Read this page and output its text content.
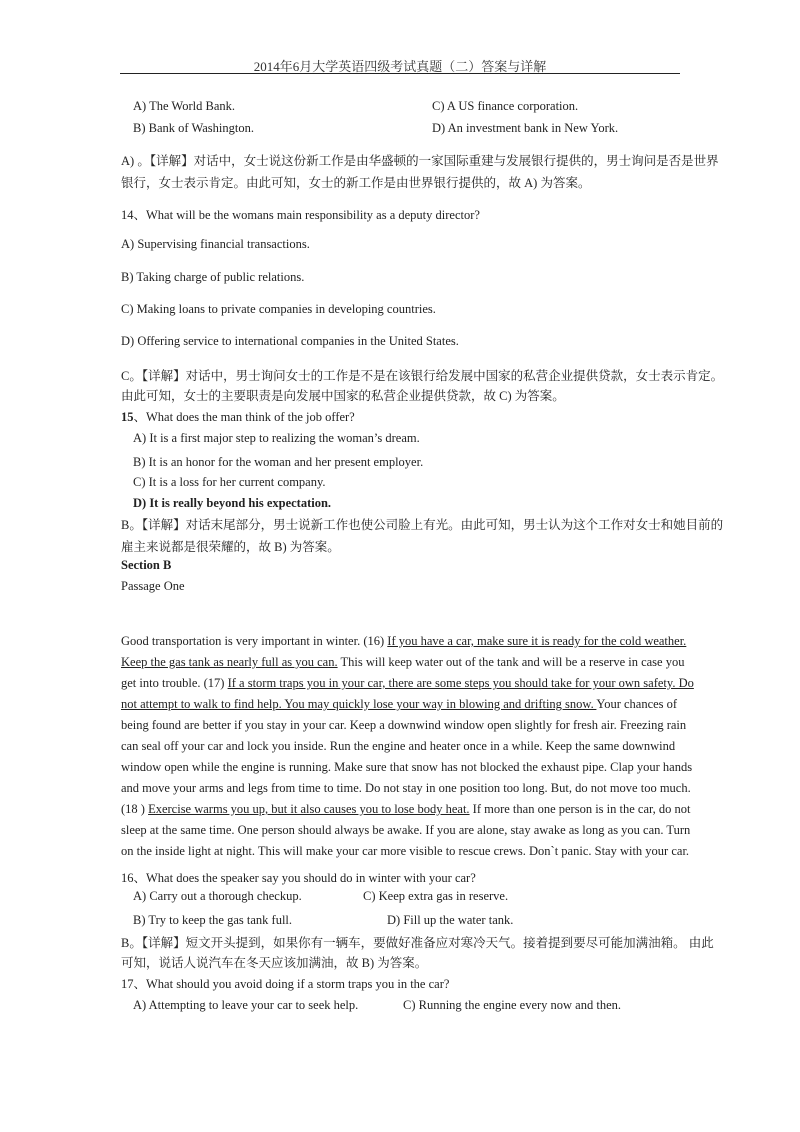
2014年6月大学英语四级考试真题（二）答案与详解
A) The World Bank.	C) A US finance corporation.
B) Bank of Washington.	D) An investment bank in New York.
A) 。【详解】对话中，女士说这份新工作是由华盛顿的一家国际重建与发展银行提供的，男士询问是否是世界
银行，女士表示肯定。由此可知，女士的新工作是由世界银行提供的，故 A) 为答案。
14、What will be the womans main responsibility as a deputy director?
A) Supervising financial transactions.
B) Taking charge of public relations.
C) Making loans to private companies in developing countries.
D) Offering service to international companies in the United States.
C。【详解】对话中，男士询问女士的工作是不是在该银行给发展中国家的私营企业提供贷款，女士表示肯定。
由此可知，女士的主要职责是向发展中国家的私营企业提供贷款，故 C) 为答案。
15、What does the man think of the job offer?
A) It is a first major step to realizing the woman’s dream.
B) It is an honor for the woman and her present employer.
C) It is a loss for her current company.
D) It is really beyond his expectation.
B。【详解】对话末尾部分，男士说新工作也使公司脸上有光。由此可知，男士认为这个工作对女士和她目前的
雇主来说都是很荣耀的，故 B) 为答案。
Section B
Passage One
Good transportation is very important in winter. (16) If you have a car, make sure it is ready for the cold weather.
Keep the gas tank as nearly full as you can. This will keep water out of the tank and will be a reserve in case you
get into trouble. (17) If a storm traps you in your car, there are some steps you should take for your own safety. Do
not attempt to walk to find help. You may quickly lose your way in blowing and drifting snow. Your chances of
being found are better if you stay in your car. Keep a downwind window open slightly for fresh air. Freezing rain
can seal off your car and lock you inside. Run the engine and heater once in a while. Keep the same downwind
window open while the engine is running. Make sure that snow has not blocked the exhaust pipe. Clap your hands
and move your arms and legs from time to time. Do not stay in one position too long. But, do not move too much.
(18 ) Exercise warms you up, but it also causes you to lose body heat. If more than one person is in the car, do not
sleep at the same time. One person should always be awake. If you are alone, stay awake as long as you can. Turn
on the inside light at night. This will make your car more visible to rescue crews. Don`t panic. Stay with your car.
16、What does the speaker say you should do in winter with your car?
A) Carry out a thorough checkup.	C) Keep extra gas in reserve.
B) Try to keep the gas tank full.	D) Fill up the water tank.
B。【详解】短文开头提到，如果你有一辆车，要做好准备应对寒冷天气。接着提到要尽可能加满油箱。 由此
可知，说话人说汽车在冬天应该加满油，故 B) 为答案。
17、What should you avoid doing if a storm traps you in the car?
A) Attempting to leave your car to seek help.	C) Running the engine every now and then.
